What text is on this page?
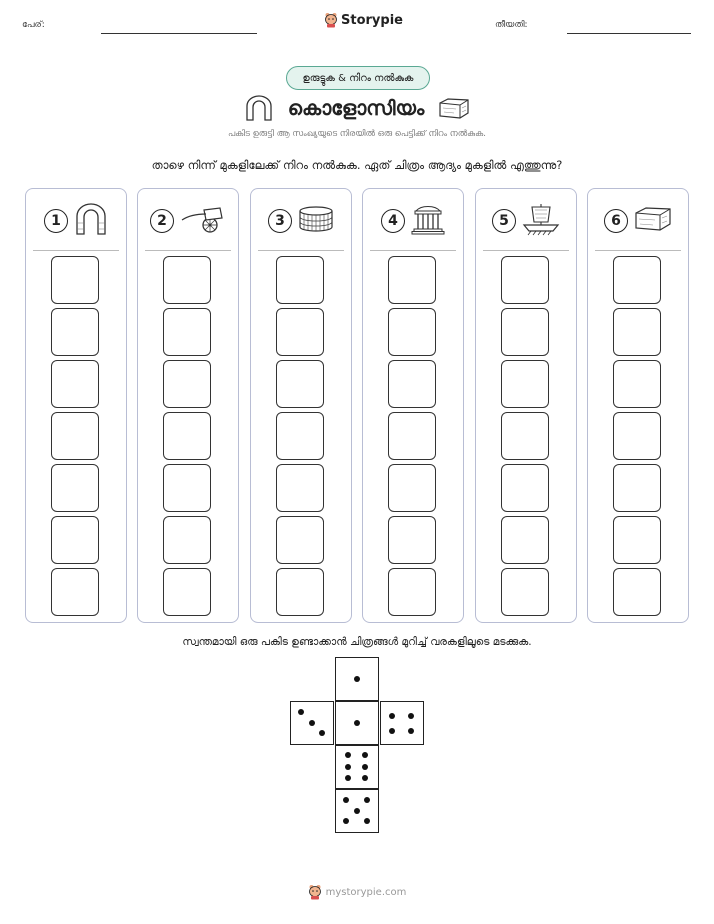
പേര്:	Storypie	തീയതി:
ഉരുട്ടുക & നിറം നൽകുക
കൊളോസിയം
പകിട ഉരുട്ടി ആ സംഖ്യയുടെ നിരയിൽ ഒരു പെട്ടിക്ക് നിറം നൽകുക.
താഴെ നിന്ന് മുകളിലേക്ക് നിറം നൽകുക. ഏത് ചിത്രം ആദ്യം മുകളിൽ എത്തുന്നു?
1	2	3	4	5	6
സ്വന്തമായി ഒരു പകിട ഉണ്ടാക്കാൻ ചിത്രങ്ങൾ മുറിച്ച് വരകളിലൂടെ മടക്കുക.
mystorypie.com
